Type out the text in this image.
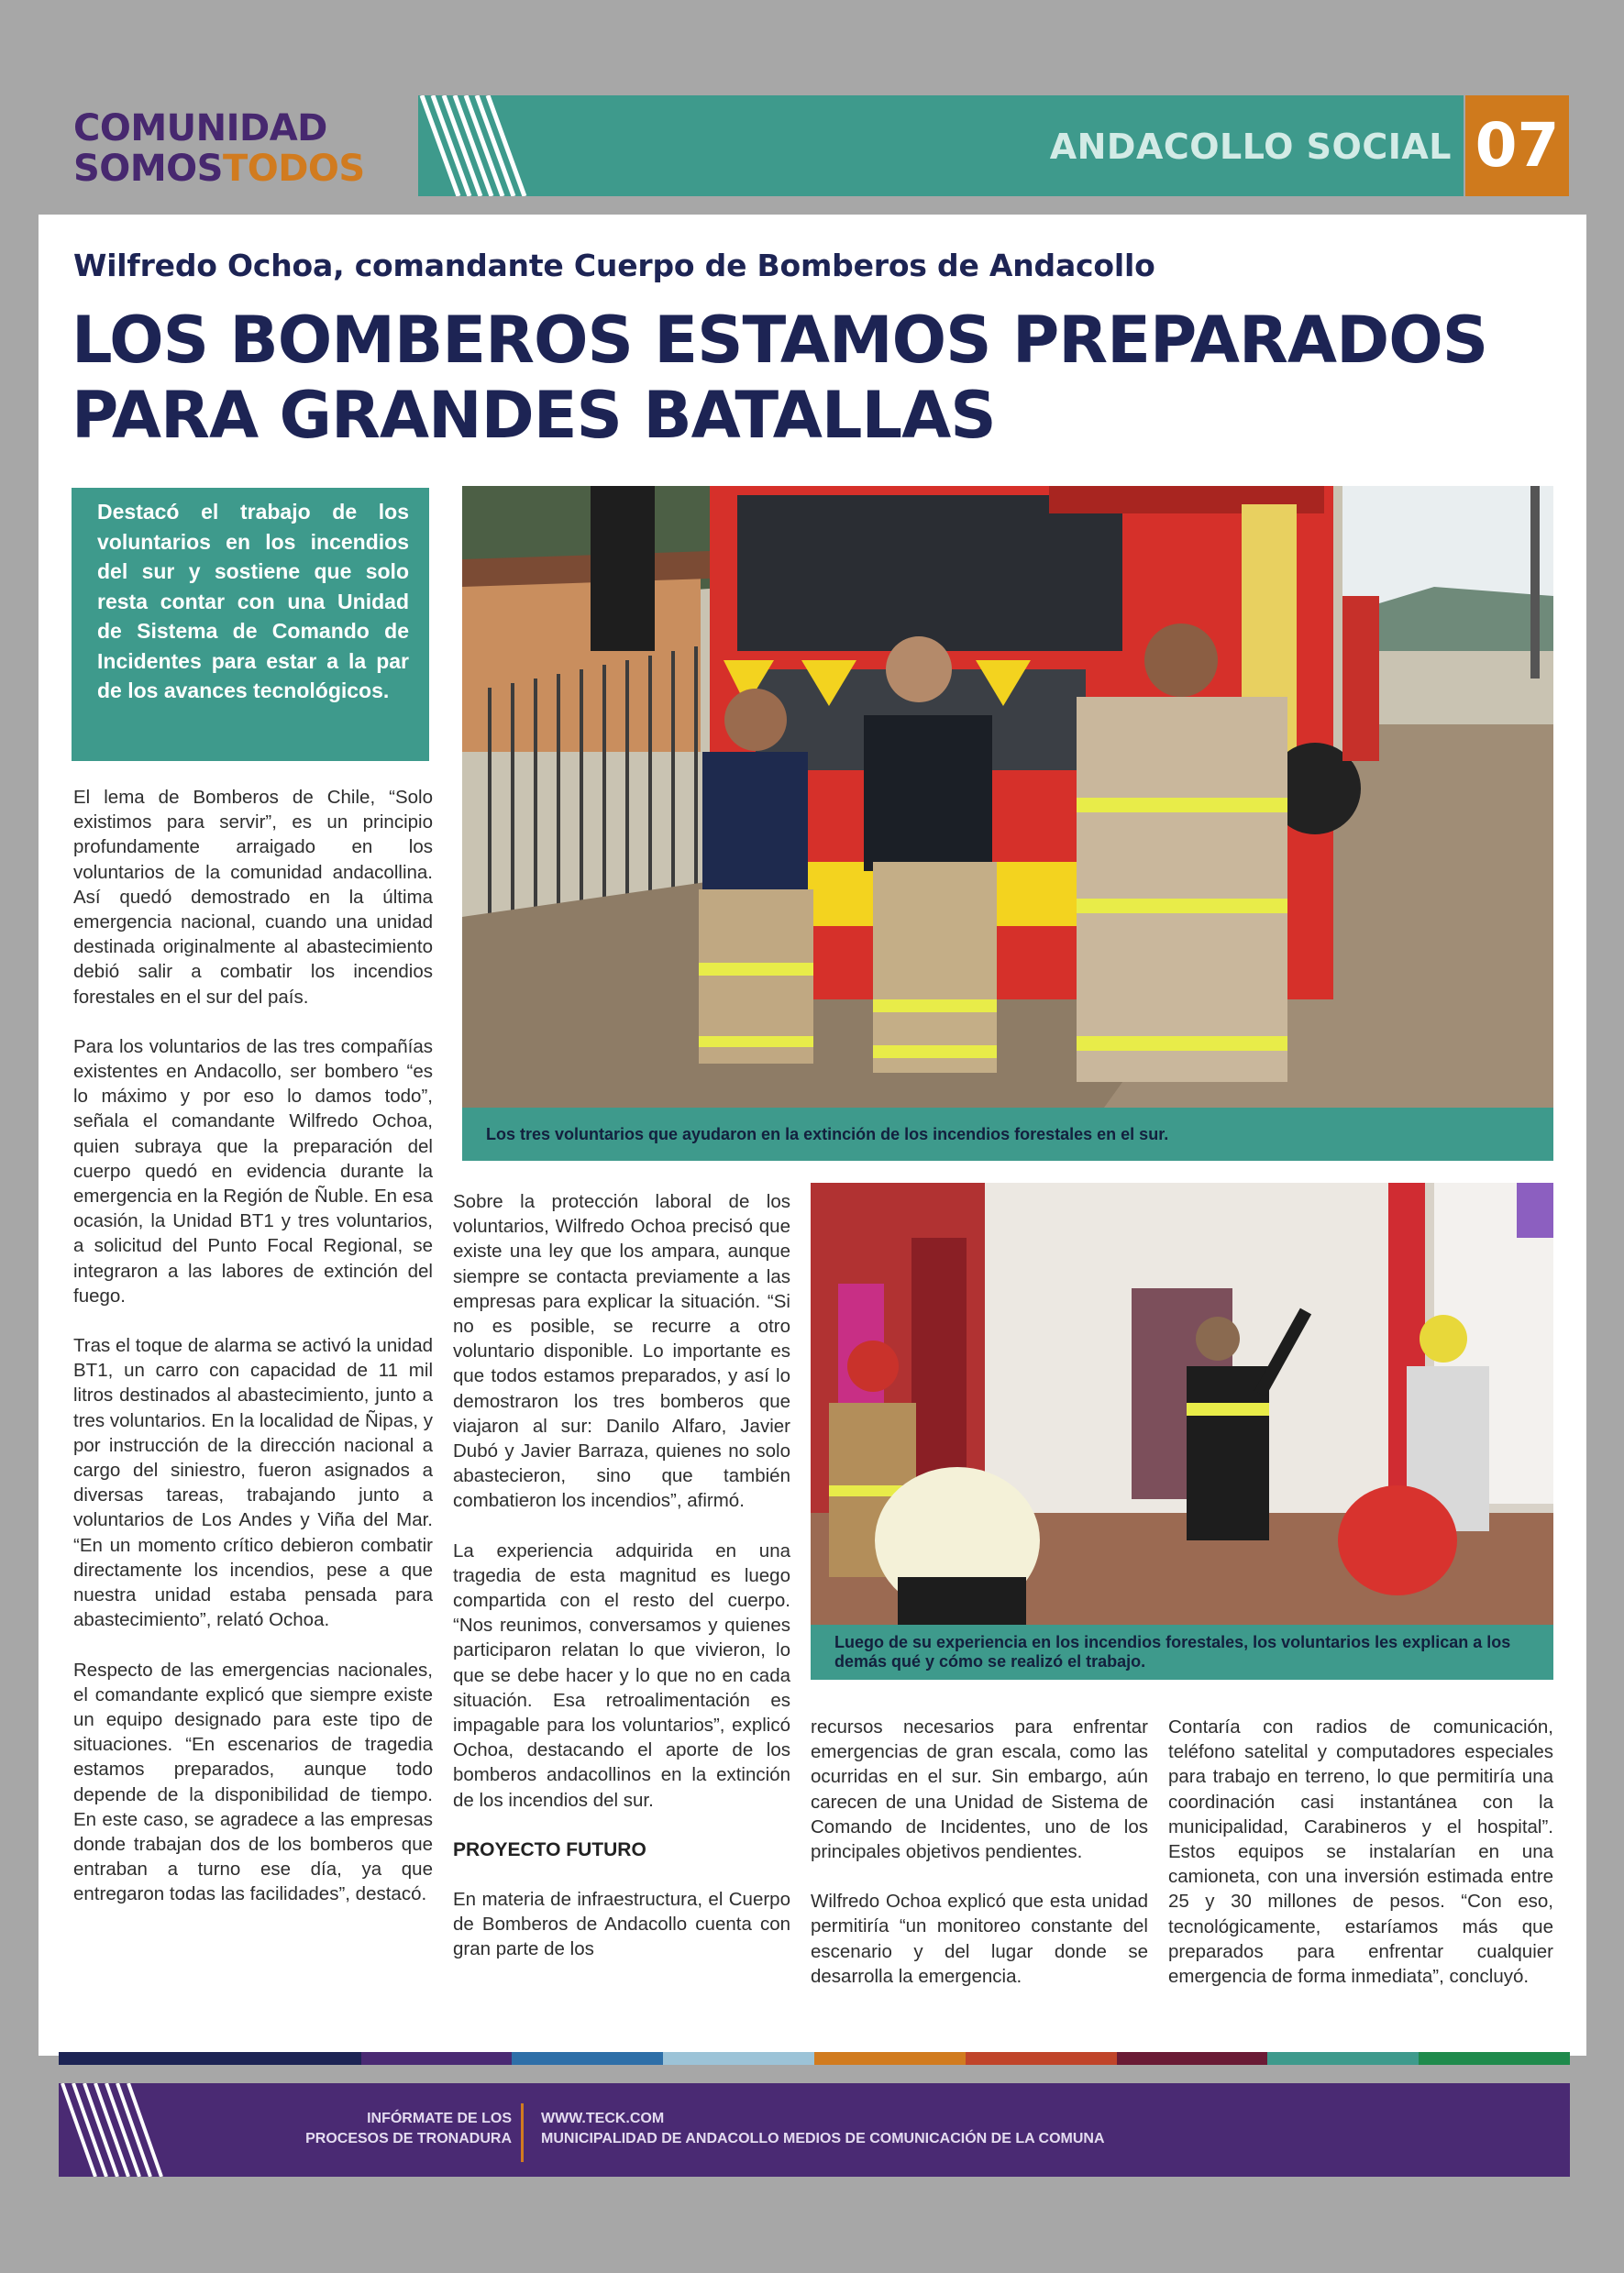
COMUNIDAD
SOMOSTODOS
ANDACOLLO SOCIAL 07
Wilfredo Ochoa, comandante Cuerpo de Bomberos de Andacollo
LOS BOMBEROS ESTAMOS PREPARADOS
PARA GRANDES BATALLAS
Destacó el trabajo de los voluntarios en los incendios del sur y sostiene que solo resta contar con una Unidad de Sistema de Comando de Incidentes para estar a la par de los avances tecnológicos.
Los tres voluntarios que ayudaron en la extinción de los incendios forestales en el sur.
Luego de su experiencia en los incendios forestales, los voluntarios les explican a los demás qué y cómo se realizó el trabajo.

El lema de Bomberos de Chile, “Solo existimos para servir”, es un principio profundamente arraigado en los voluntarios de la comunidad andacollina. Así quedó demostrado en la última emergencia nacional, cuando una unidad destinada originalmente al abastecimiento debió salir a combatir los incendios forestales en el sur del país.

Para los voluntarios de las tres compañías existentes en Andacollo, ser bombero “es lo máximo y por eso lo damos todo”, señala el comandante Wilfredo Ochoa, quien subraya que la preparación del cuerpo quedó en evidencia durante la emergencia en la Región de Ñuble. En esa ocasión, la Unidad BT1 y tres voluntarios, a solicitud del Punto Focal Regional, se integraron a las labores de extinción del fuego.

Tras el toque de alarma se activó la unidad BT1, un carro con capacidad de 11 mil litros destinados al abastecimiento, junto a tres voluntarios. En la localidad de Ñipas, y por instrucción de la dirección nacional a cargo del siniestro, fueron asignados a diversas tareas, trabajando junto a voluntarios de Los Andes y Viña del Mar. “En un momento crítico debieron combatir directamente los incendios, pese a que nuestra unidad estaba pensada para abastecimiento”, relató Ochoa.

Respecto de las emergencias nacionales, el comandante explicó que siempre existe un equipo designado para este tipo de situaciones. “En escenarios de tragedia estamos preparados, aunque todo depende de la disponibilidad de tiempo. En este caso, se agradece a las empresas donde trabajan dos de los bomberos que entraban a turno ese día, ya que entregaron todas las facilidades”, destacó.

Sobre la protección laboral de los voluntarios, Wilfredo Ochoa precisó que existe una ley que los ampara, aunque siempre se contacta previamente a las empresas para explicar la situación. “Si no es posible, se recurre a otro voluntario disponible. Lo importante es que todos estamos preparados, y así lo demostraron los tres bomberos que viajaron al sur: Danilo Alfaro, Javier Dubó y Javier Barraza, quienes no solo abastecieron, sino que también combatieron los incendios”, afirmó.

La experiencia adquirida en una tragedia de esta magnitud es luego compartida con el resto del cuerpo. “Nos reunimos, conversamos y quienes participaron relatan lo que vivieron, lo que se debe hacer y lo que no en cada situación. Esa retroalimentación es impagable para los voluntarios”, explicó Ochoa, destacando el aporte de los bomberos andacollinos en la extinción de los incendios del sur.

PROYECTO FUTURO

En materia de infraestructura, el Cuerpo de Bomberos de Andacollo cuenta con gran parte de los

recursos necesarios para enfrentar emergencias de gran escala, como las ocurridas en el sur. Sin embargo, aún carecen de una Unidad de Sistema de Comando de Incidentes, uno de los principales objetivos pendientes.

Wilfredo Ochoa explicó que esta unidad permitiría “un monitoreo constante del escenario y del lugar donde se desarrolla la emergencia.

Contaría con radios de comunicación, teléfono satelital y computadores especiales para trabajo en terreno, lo que permitiría una coordinación casi instantánea con la municipalidad, Carabineros y el hospital”. Estos equipos se instalarían en una camioneta, con una inversión estimada entre 25 y 30 millones de pesos. “Con eso, tecnológicamente, estaríamos más que preparados para enfrentar cualquier emergencia de forma inmediata”, concluyó.

INFÓRMATE DE LOS
PROCESOS DE TRONADURA
WWW.TECK.COM
MUNICIPALIDAD DE ANDACOLLO MEDIOS DE COMUNICACIÓN DE LA COMUNA
